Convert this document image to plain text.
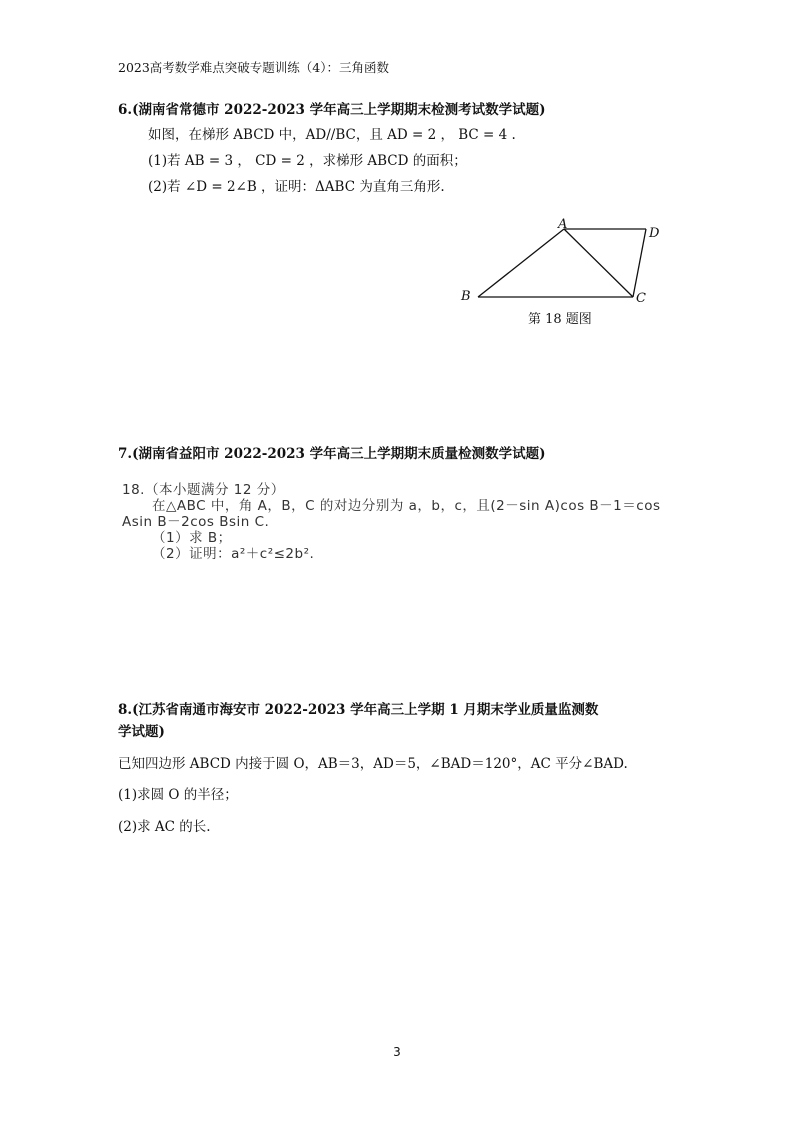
2023高考数学难点突破专题训练（4）：三角函数
6.(湖南省常德市 2022-2023 学年高三上学期期末检测考试数学试题)
如图，在梯形 ABCD 中，AD//BC，且 AD = 2 ， BC = 4 .
(1)若 AB = 3 ， CD = 2 ，求梯形 ABCD 的面积；
(2)若 ∠D = 2∠B ，证明：ΔABC 为直角三角形.
A
B	C
D
第 18 题图
7.(湖南省益阳市 2022-2023 学年高三上学期期末质量检测数学试题)
18.（本小题满分 12 分）
在△ABC 中，角 A，B，C 的对边分别为 a，b，c，且(2－sin A)cos B－1＝cos
Asin B－2cos Bsin C.
（1）求 B；
（2）证明：a²＋c²≤2b².
8.(江苏省南通市海安市 2022-2023 学年高三上学期 1 月期末学业质量监测数
学试题)
已知四边形 ABCD 内接于圆 O，AB＝3，AD＝5，∠BAD＝120°，AC 平分∠BAD.
(1)求圆 O 的半径；
(2)求 AC 的长.
3
